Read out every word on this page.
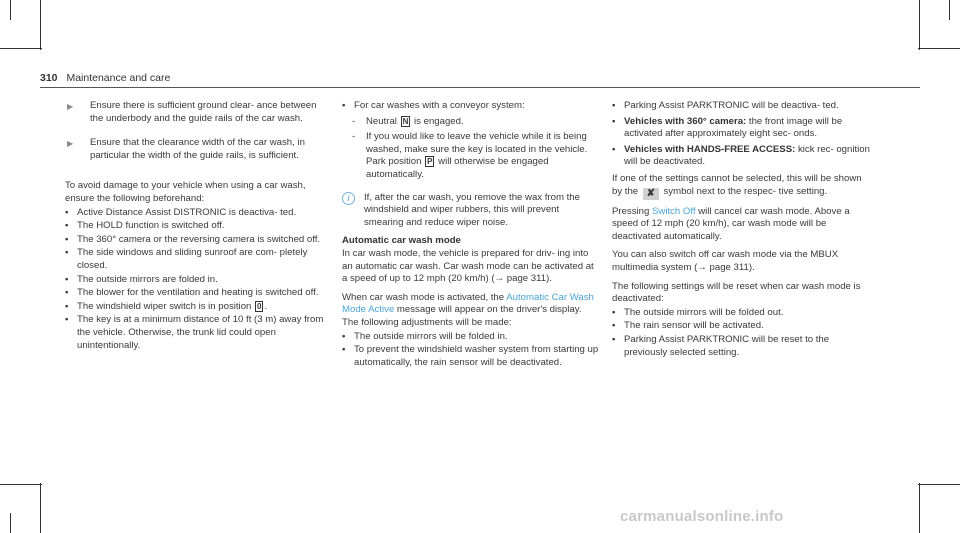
310 Maintenance and care
▶ Ensure there is sufficient ground clear- ance between the underbody and the guide rails of the car wash.
▶ Ensure that the clearance width of the car wash, in particular the width of the guide rails, is sufficient.

To avoid damage to your vehicle when using a car wash, ensure the following beforehand:

• Active Distance Assist DISTRONIC is deactiva- ted.
• The HOLD function is switched off.
• The 360° camera or the reversing camera is switched off.
• The side windows and sliding sunroof are com- pletely closed.
• The outside mirrors are folded in.
• The blower for the ventilation and heating is switched off.
• The windshield wiper switch is in position 0 .
• The key is at a minimum distance of 10 ft (3 m) away from the vehicle. Otherwise, the trunk lid could open unintentionally.
• For car washes with a conveyor system:
- Neutral N is engaged.
- If you would like to leave the vehicle while it is being washed, make sure the key is located in the vehicle. Park position P will otherwise be engaged automatically.
i	If, after the car wash, you remove the wax from the windshield and wiper rubbers, this will prevent smearing and reduce wiper noise.
Automatic car wash mode

In car wash mode, the vehicle is prepared for driv- ing into an automatic car wash. Car wash mode can be activated at a speed of up to 12 mph (20 km/h) (→ page 311).

When car wash mode is activated, the Automatic Car Wash Mode Active message will appear on the driver's display. The following adjustments will be made:

• The outside mirrors will be folded in.
• To prevent the windshield washer system from starting up automatically, the rain sensor will be deactivated.
• Parking Assist PARKTRONIC will be deactiva- ted.
• Vehicles with 360° camera: the front image will be activated after approximately eight sec- onds.
• Vehicles with HANDS-FREE ACCESS: kick rec- ognition will be deactivated.

If one of the settings cannot be selected, this will be shown by the ✘ symbol next to the respec- tive setting.

Pressing Switch Off will cancel car wash mode. Above a speed of 12 mph (20 km/h), car wash mode will be deactivated automatically.

You can also switch off car wash mode via the MBUX multimedia system (→ page 311).

The following settings will be reset when car wash mode is deactivated:

• The outside mirrors will be folded out.
• The rain sensor will be activated.
• Parking Assist PARKTRONIC will be reset to the previously selected setting.
carmanualsonline.info
